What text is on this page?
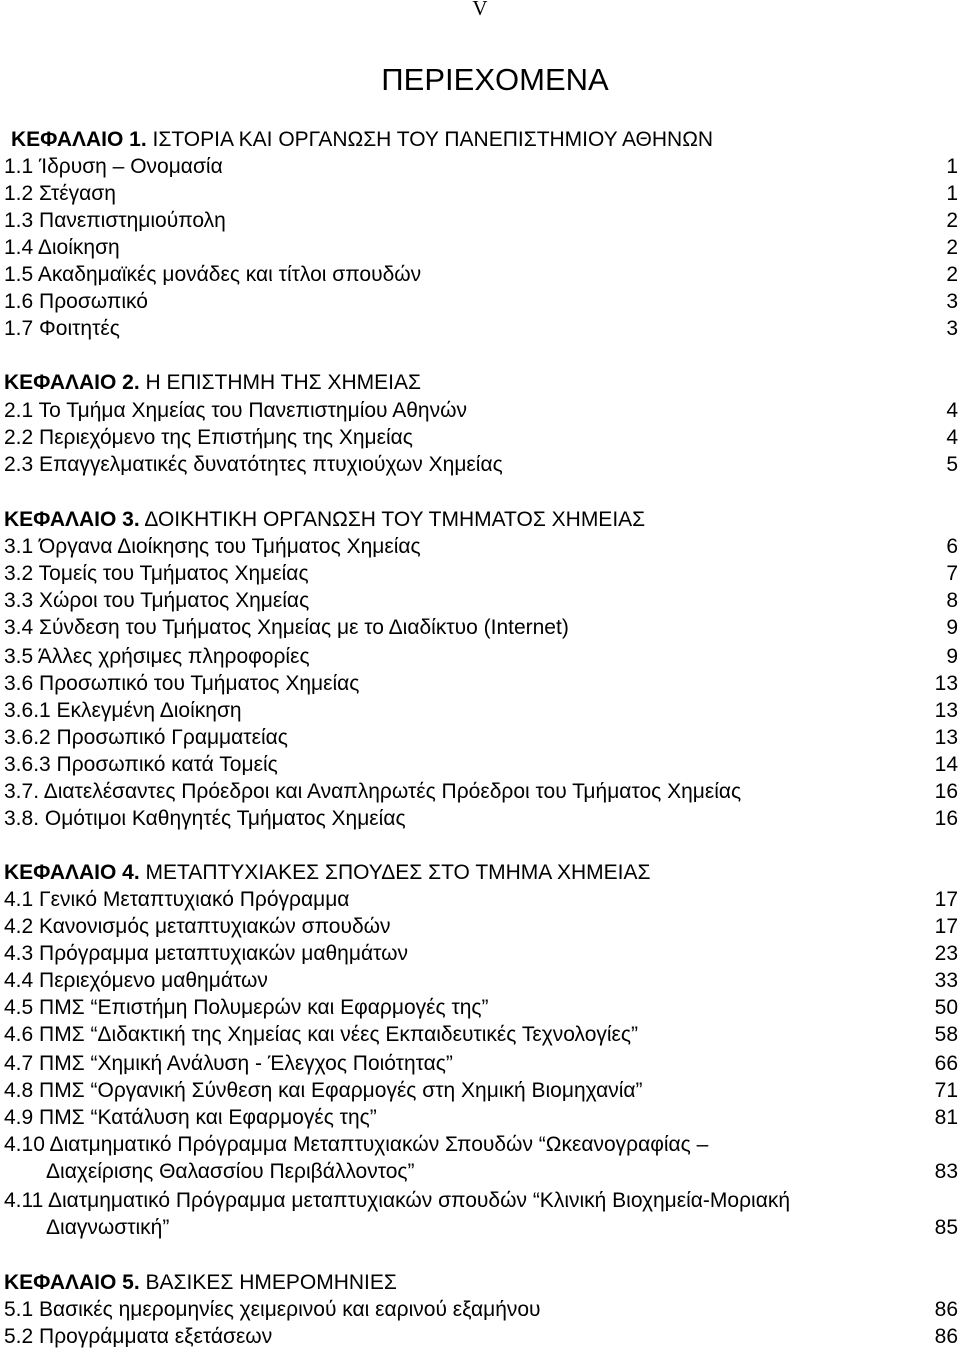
V
ΠΕΡΙΕΧΟΜΕΝΑ
ΚΕΦΑΛΑΙΟ 1. ΙΣΤΟΡΙΑ ΚΑΙ ΟΡΓΑΝΩΣΗ ΤΟΥ ΠΑΝΕΠΙΣΤΗΜΙΟΥ ΑΘΗΝΩΝ
1.1 Ίδρυση – Ονομασία	1
1.2 Στέγαση	1
1.3 Πανεπιστημιούπολη	2
1.4 Διοίκηση	2
1.5 Ακαδημαϊκές μονάδες και τίτλοι σπουδών	2
1.6 Προσωπικό	3
1.7 Φοιτητές	3
ΚΕΦΑΛΑΙΟ 2. Η ΕΠΙΣΤΗΜΗ ΤΗΣ ΧΗΜΕΙΑΣ
2.1 Το Τμήμα Χημείας του Πανεπιστημίου Αθηνών	4
2.2 Περιεχόμενο της Επιστήμης της Χημείας	4
2.3 Επαγγελματικές δυνατότητες πτυχιούχων Χημείας	5
ΚΕΦΑΛΑΙΟ 3. ΔΟΙΚΗΤΙΚΗ ΟΡΓΑΝΩΣΗ ΤΟΥ ΤΜΗΜΑΤΟΣ ΧΗΜΕΙΑΣ
3.1 Όργανα Διοίκησης του Τμήματος Χημείας	6
3.2 Τομείς του Τμήματος Χημείας	7
3.3 Χώροι του Τμήματος Χημείας	8
3.4 Σύνδεση του Τμήματος Χημείας με το Διαδίκτυο (Internet)	9
3.5 Άλλες χρήσιμες πληροφορίες	9
3.6 Προσωπικό του Τμήματος Χημείας	13
3.6.1 Εκλεγμένη Διοίκηση	13
3.6.2 Προσωπικό Γραμματείας	13
3.6.3 Προσωπικό κατά Τομείς	14
3.7. Διατελέσαντες Πρόεδροι και Αναπληρωτές Πρόεδροι του Τμήματος Χημείας	16
3.8. Ομότιμοι Καθηγητές Τμήματος Χημείας	16
ΚΕΦΑΛΑΙΟ 4. ΜΕΤΑΠΤΥΧΙΑΚΕΣ ΣΠΟΥΔΕΣ ΣΤΟ ΤΜΗΜΑ ΧΗΜΕΙΑΣ
4.1 Γενικό Μεταπτυχιακό Πρόγραμμα	17
4.2 Κανονισμός μεταπτυχιακών σπουδών	17
4.3 Πρόγραμμα μεταπτυχιακών μαθημάτων	23
4.4 Περιεχόμενο μαθημάτων	33
4.5 ΠΜΣ “Επιστήμη Πολυμερών και Εφαρμογές της”	50
4.6 ΠΜΣ “Διδακτική της Χημείας και νέες Εκπαιδευτικές Τεχνολογίες”	58
4.7 ΠΜΣ “Χημική Ανάλυση - Έλεγχος Ποιότητας”	66
4.8 ΠΜΣ “Οργανική Σύνθεση και Εφαρμογές στη Χημική Βιομηχανία”	71
4.9 ΠΜΣ “Κατάλυση και Εφαρμογές της”	81
4.10 Διατμηματικό Πρόγραμμα Μεταπτυχιακών Σπουδών “Ωκεανογραφίας –
Διαχείρισης Θαλασσίου Περιβάλλοντος”	83
4.11 Διατμηματικό Πρόγραμμα μεταπτυχιακών σπουδών “Κλινική Βιοχημεία-Μοριακή
Διαγνωστική”	85
ΚΕΦΑΛΑΙΟ 5. ΒΑΣΙΚΕΣ ΗΜΕΡΟΜΗΝΙΕΣ
5.1 Βασικές ημερομηνίες χειμερινού και εαρινού εξαμήνου	86
5.2 Προγράμματα εξετάσεων	86
